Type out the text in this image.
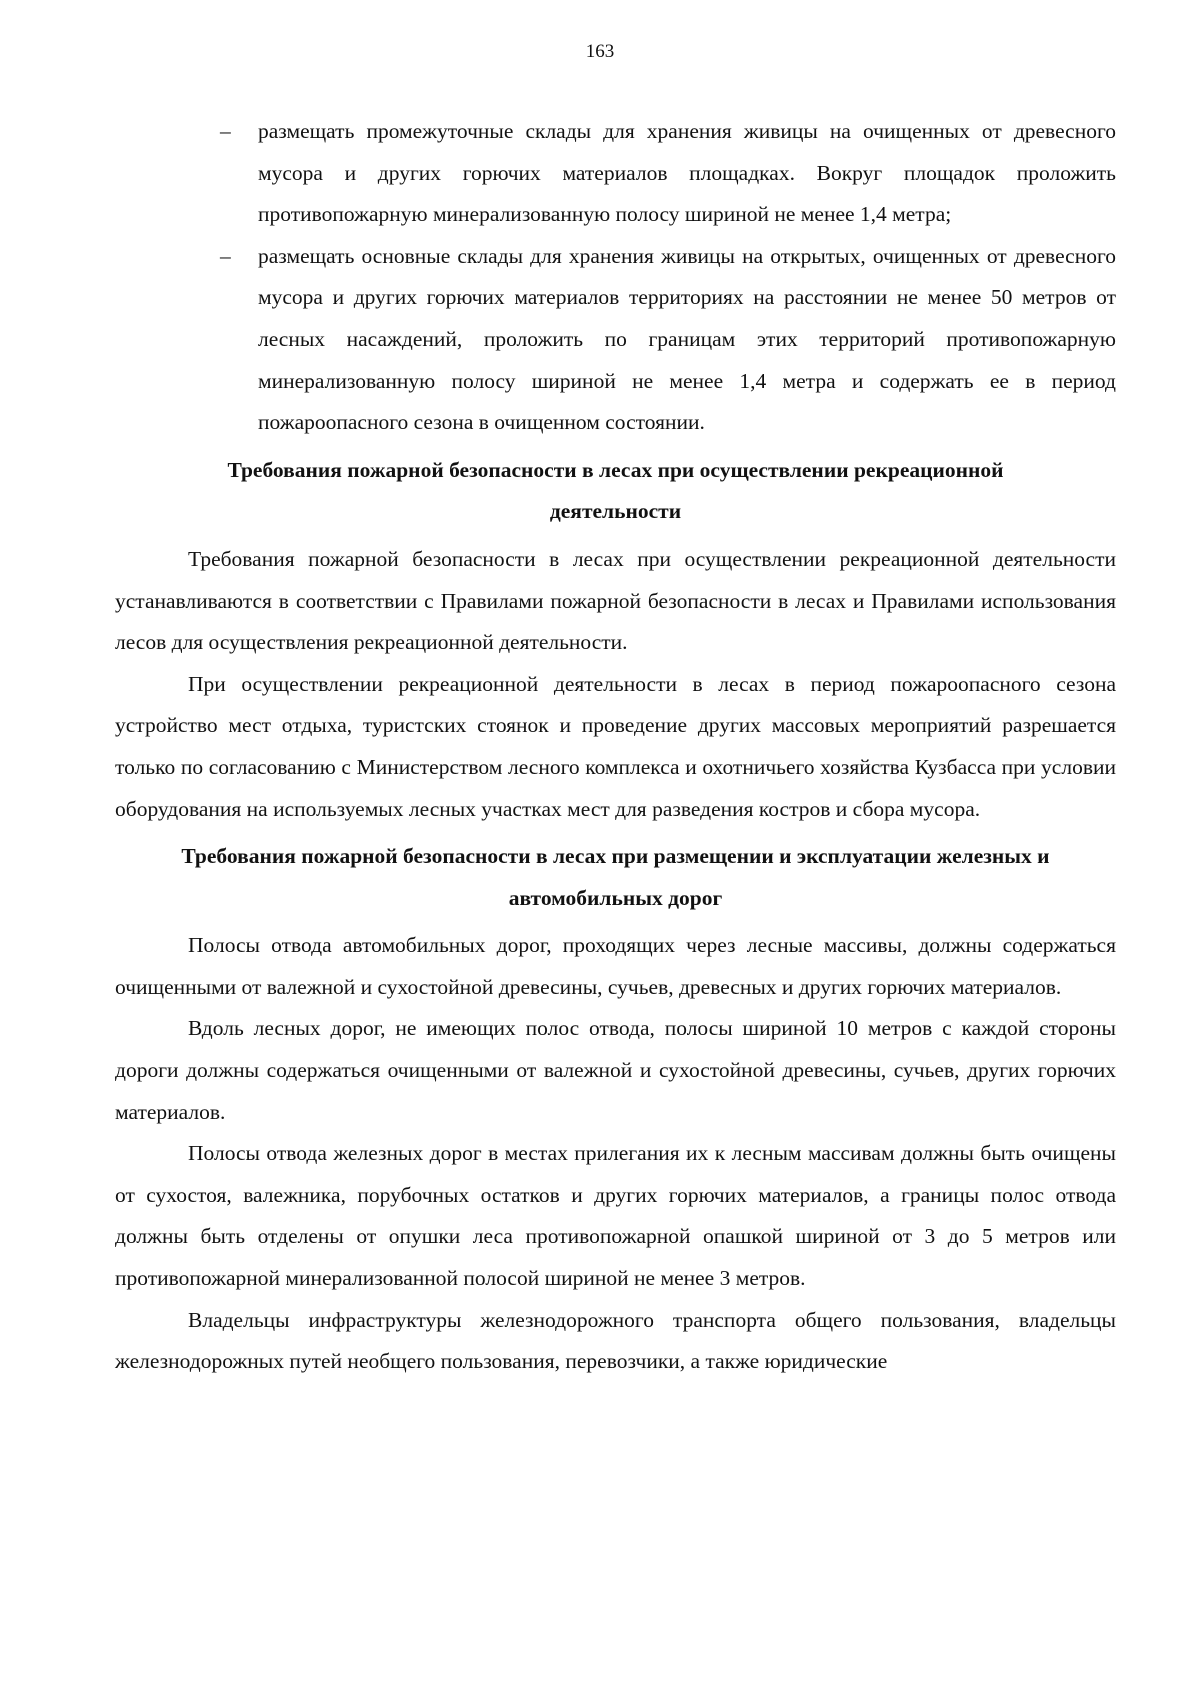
163
– размещать промежуточные склады для хранения живицы на очищенных от древесного мусора и других горючих материалов площадках. Вокруг площадок проложить противопожарную минерализованную полосу шириной не менее 1,4 метра;
– размещать основные склады для хранения живицы на открытых, очищенных от древесного мусора и других горючих материалов территориях на расстоянии не менее 50 метров от лесных насаждений, проложить по границам этих территорий противопожарную минерализованную полосу шириной не менее 1,4 метра и содержать ее в период пожароопасного сезона в очищенном состоянии.
Требования пожарной безопасности в лесах при осуществлении рекреационной деятельности

Требования пожарной безопасности в лесах при осуществлении рекреационной деятельности устанавливаются в соответствии с Правилами пожарной безопасности в лесах и Правилами использования лесов для осуществления рекреационной деятельности.

При осуществлении рекреационной деятельности в лесах в период пожароопасного сезона устройство мест отдыха, туристских стоянок и проведение других массовых мероприятий разрешается только по согласованию с Министерством лесного комплекса и охотничьего хозяйства Кузбасса при условии оборудования на используемых лесных участках мест для разведения костров и сбора мусора.

Требования пожарной безопасности в лесах при размещении и эксплуатации железных и автомобильных дорог

Полосы отвода автомобильных дорог, проходящих через лесные массивы, должны содержаться очищенными от валежной и сухостойной древесины, сучьев, древесных и других горючих материалов.

Вдоль лесных дорог, не имеющих полос отвода, полосы шириной 10 метров с каждой стороны дороги должны содержаться очищенными от валежной и сухостойной древесины, сучьев, других горючих материалов.

Полосы отвода железных дорог в местах прилегания их к лесным массивам должны быть очищены от сухостоя, валежника, порубочных остатков и других горючих материалов, а границы полос отвода должны быть отделены от опушки леса противопожарной опашкой шириной от 3 до 5 метров или противопожарной минерализованной полосой шириной не менее 3 метров.

Владельцы инфраструктуры железнодорожного транспорта общего пользования, владельцы железнодорожных путей необщего пользования, перевозчики, а также юридические
